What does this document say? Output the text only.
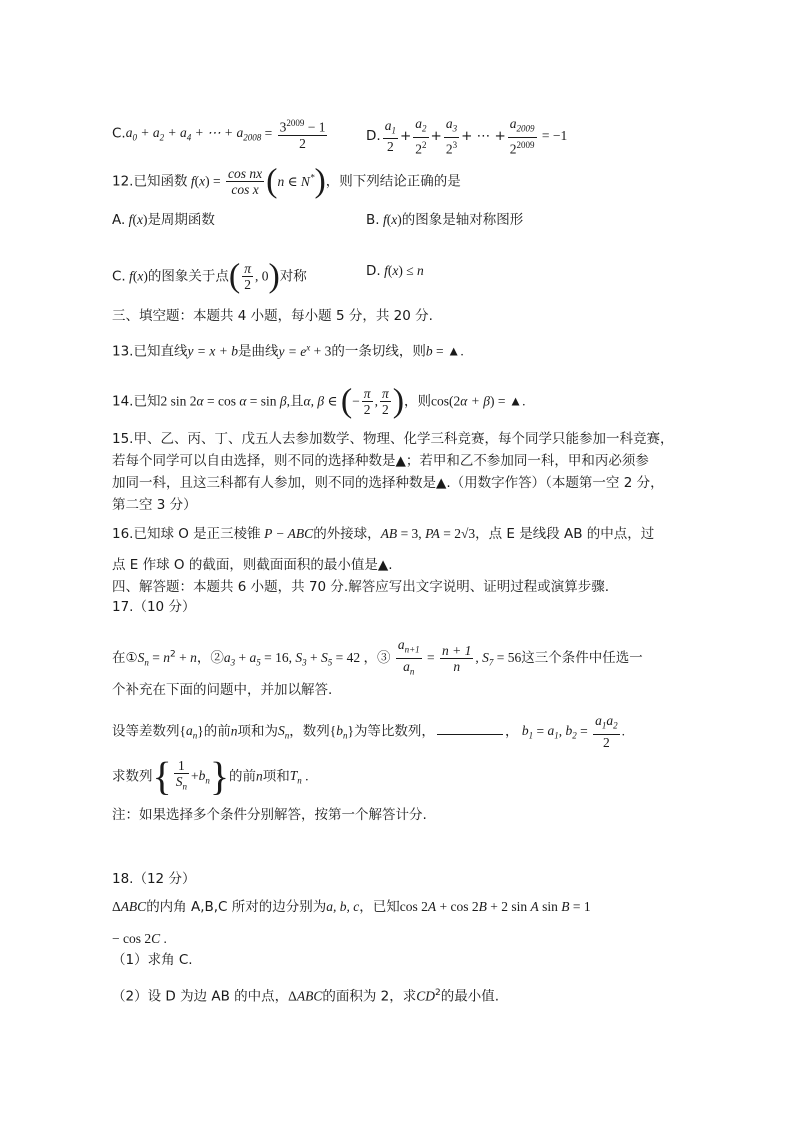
$C.a_0 + a_2 + a_4$ + ⋯ + $a_{2008} = \frac{3^{2009} - 1}{2}$	D. $\frac{a_1}{2} + \frac{a_2}{2^2} + \frac{a_3}{2^3}$ + ⋯ + $\frac{a_{2009}}{2^{2009}} = -1$
12.已知函数 $f(x) = \frac{\text{cos nx}}{\text{cos x}} (n$ ∈ N*)，则下列结论正确的是
A. f(x)是周期函数	B. f(x)的图象是轴对称图形
C. f(x)的图象关于点( $\frac{\pi}{2}$ , 0)对称	D. f(x) ≤ n
三、填空题：本题共 4 小题，每小题 5 分，共 20 分.
13.已知直线y = x + b是曲线$y = e^x + 3$的一条切线，则b = ▲.
14.已知2 sin 2α = cos α = sin β,且α, β ∈ (− $\frac{\pi}{2}$ , $\frac{\pi}{2}$ )，则cos(2α + β) = ▲.
15.甲、乙、丙、丁、戊五人去参加数学、物理、化学三科竞赛，每个同学只能参加一科竞赛，
若每个同学可以自由选择，则不同的选择种数是▲；若甲和乙不参加同一科，甲和丙必须参
加同一科，且这三科都有人参加，则不同的选择种数是▲.（用数字作答）（本题第一空 2 分，
第二空 3 分）
16.已知球 O 是正三棱锥 P − ABC的外接球，AB = 3, PA = 2√3，点 E 是线段 AB 的中点，过
点 E 作球 O 的截面，则截面面积的最小值是▲.
四、解答题：本题共 6 小题，共 70 分.解答应写出文字说明、证明过程或演算步骤.
17.（10 分）
在$①S_n = n^2 + n$，$②a_3 + a_5 = 16$, $S_3 + S_5 = 42$ ，③ $\frac{a_{n+1}}{a_n} = \frac{n + 1}{n}$ , $S_7 = 56$这三个条件中任选一
个补充在下面的问题中，并加以解答.
设等差数列$\{a_n\}$的前n项和为$S_n$，数列$\{b_n\}$为等比数列，	， $b_1 = a_1$, $b_2 = \frac{a_1a_2}{2}$ .
求数列{ $\frac{1}{S_n} +b_n$}的前n项和$T_n$ .
注：如果选择多个条件分别解答，按第一个解答计分.
18.（12 分）
ΔABC的内角 A,B,C 所对的边分别为a, b, c，已知cos 2A + cos 2B + 2 sin A sin B = 1
− cos 2C .
（1）求角 C.
（2）设 D 为边 AB 的中点，ΔABC的面积为 2，求$CD^2$的最小值.
